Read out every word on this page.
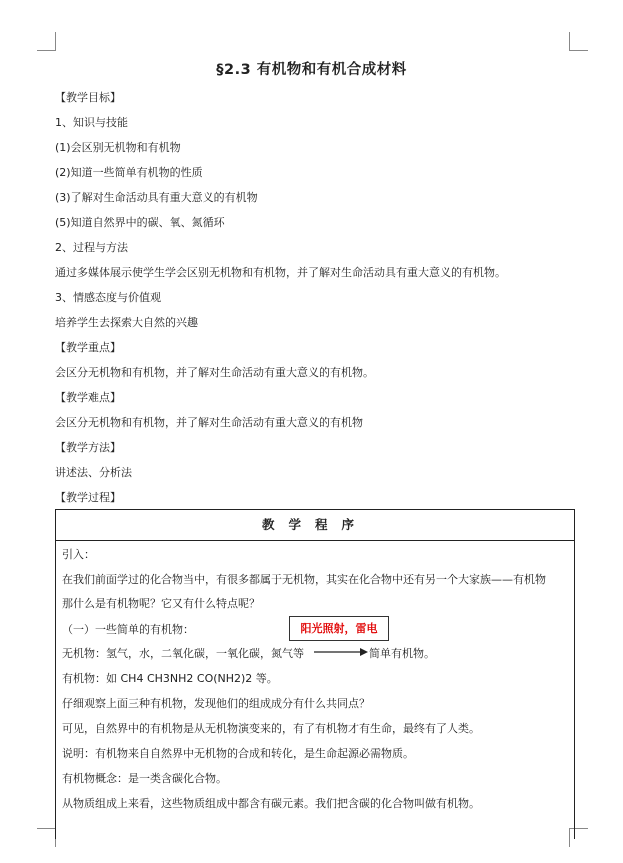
§2.3 有机物和有机合成材料
【教学目标】
1、知识与技能
(1)会区别无机物和有机物
(2)知道一些简单有机物的性质
(3)了解对生命活动具有重大意义的有机物
(5)知道自然界中的碳、氧、氮循环
2、过程与方法
通过多媒体展示使学生学会区别无机物和有机物，并了解对生命活动具有重大意义的有机物。
3、情感态度与价值观
培养学生去探索大自然的兴趣
【教学重点】
会区分无机物和有机物，并了解对生命活动有重大意义的有机物。
【教学难点】
会区分无机物和有机物，并了解对生命活动有重大意义的有机物
【教学方法】
讲述法、分析法
【教学过程】
教学程序
引入：
在我们前面学过的化合物当中，有很多都属于无机物，其实在化合物中还有另一个大家族——有机物
那什么是有机物呢？它又有什么特点呢？
（一）一些简单的有机物：
无机物：氢气，水，二氧化碳，一氧化碳，氮气等	简单有机物。
有机物：如 CH4 CH3NH2 CO(NH2)2 等。
仔细观察上面三种有机物，发现他们的组成成分有什么共同点？
可见，自然界中的有机物是从无机物演变来的，有了有机物才有生命，最终有了人类。
说明：有机物来自自然界中无机物的合成和转化，是生命起源必需物质。
有机物概念：是一类含碳化合物。
从物质组成上来看，这些物质组成中都含有碳元素。我们把含碳的化合物叫做有机物。
阳光照射，雷电
